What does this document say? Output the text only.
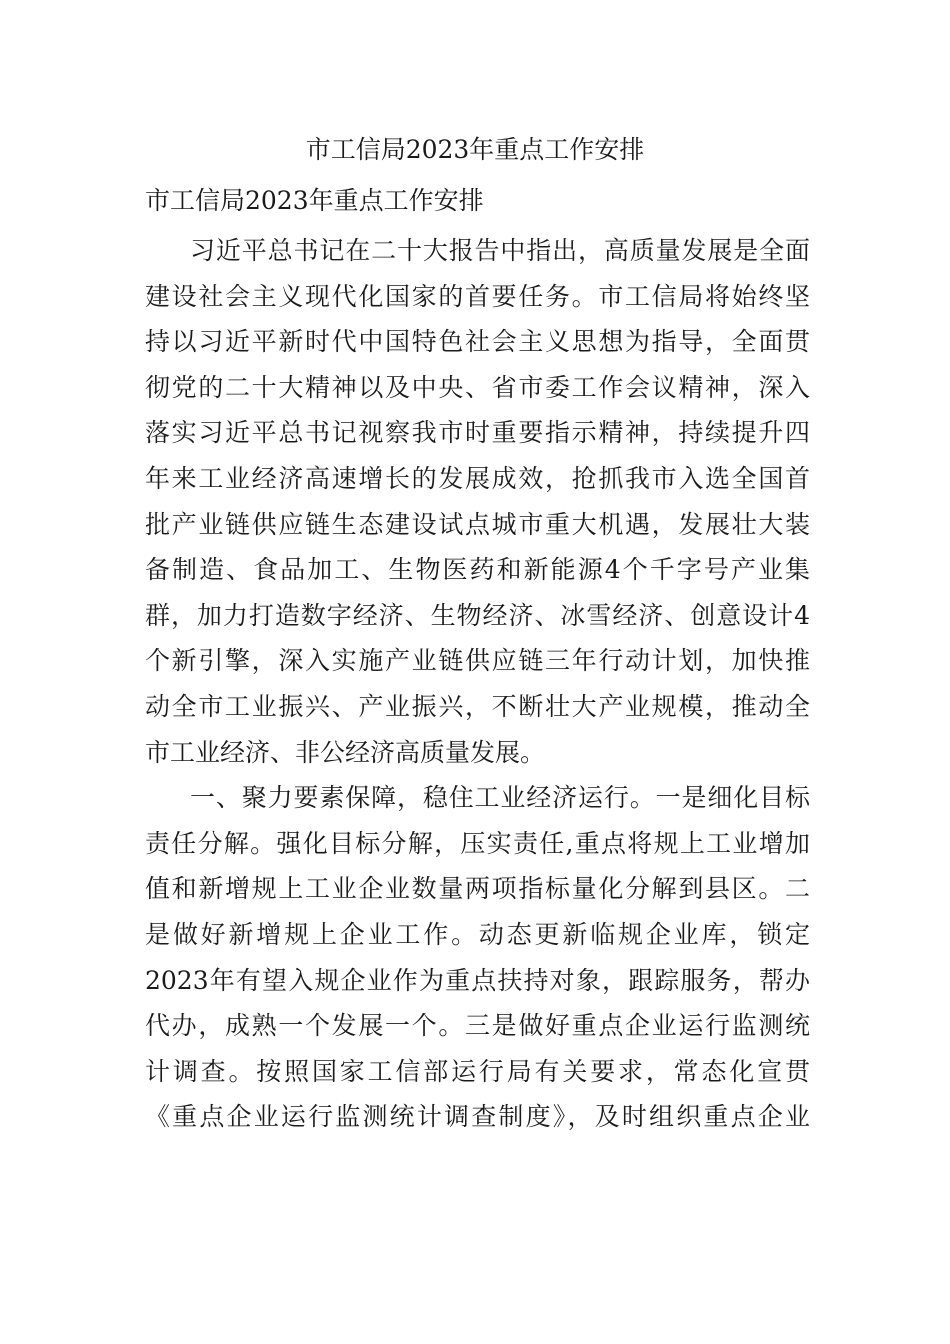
市工信局2023年重点工作安排
市工信局2023年重点工作安排
习近平总书记在二十大报告中指出，高质量发展是全面
建设社会主义现代化国家的首要任务。市工信局将始终坚
持以习近平新时代中国特色社会主义思想为指导，全面贯
彻党的二十大精神以及中央、省市委工作会议精神，深入
落实习近平总书记视察我市时重要指示精神，持续提升四
年来工业经济高速增长的发展成效，抢抓我市入选全国首
批产业链供应链生态建设试点城市重大机遇，发展壮大装
备制造、食品加工、生物医药和新能源4个千字号产业集
群，加力打造数字经济、生物经济、冰雪经济、创意设计4
个新引擎，深入实施产业链供应链三年行动计划，加快推
动全市工业振兴、产业振兴，不断壮大产业规模，推动全
市工业经济、非公经济高质量发展。
一、聚力要素保障，稳住工业经济运行。一是细化目标
责任分解。强化目标分解，压实责任,重点将规上工业增加
值和新增规上工业企业数量两项指标量化分解到县区。二
是做好新增规上企业工作。动态更新临规企业库，锁定
2023年有望入规企业作为重点扶持对象，跟踪服务，帮办
代办，成熟一个发展一个。三是做好重点企业运行监测统
计调查。按照国家工信部运行局有关要求，常态化宣贯
《重点企业运行监测统计调查制度》，及时组织重点企业
